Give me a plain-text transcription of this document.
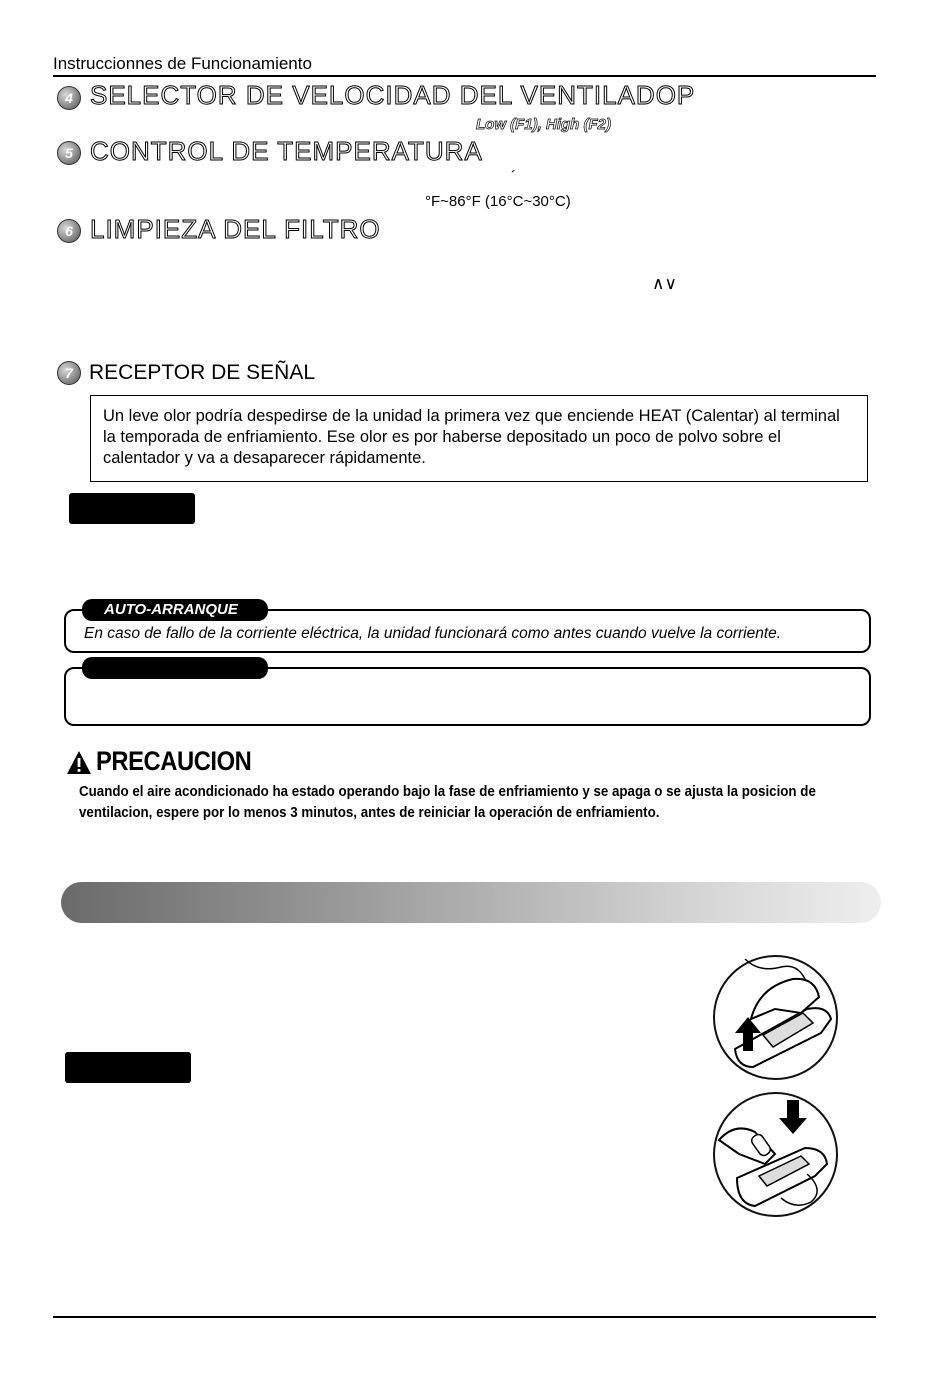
Instruccionnes de Funcionamiento
4 SELECTOR DE VELOCIDAD DEL VENTILADOP
Low (F1), High (F2)
5 CONTROL DE TEMPERATURA
´
°F~86°F (16°C~30°C)
6 LIMPIEZA DEL FILTRO
∧∨
7 RECEPTOR DE SEÑAL
Un leve olor podría despedirse de la unidad la primera vez que enciende HEAT (Calentar) al terminal la temporada de enfriamiento. Ese olor es por haberse depositado un poco de polvo sobre el calentador y va a desaparecer rápidamente.
AUTO-ARRANQUE
En caso de fallo de la corriente eléctrica, la unidad funcionará como antes cuando vuelve la corriente.
PRECAUCION
Cuando el aire acondicionado ha estado operando bajo la fase de enfriamiento y se apaga o se ajusta la posicion de ventilacion, espere por lo menos 3 minutos, antes de reiniciar la operación de enfriamiento.
